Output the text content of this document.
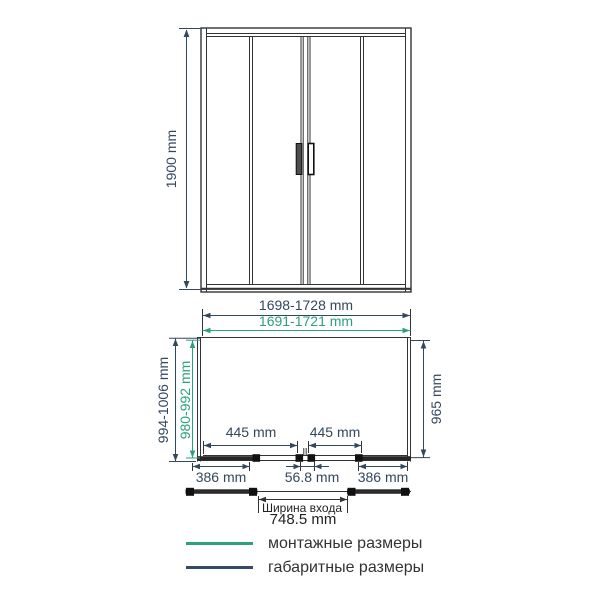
1900 mm
1698-1728 mm
1691-1721 mm
994-1006 mm 980-992 mm	965 mm
445 mm	445 mm
386 mm	56.8 mm	386 mm
Ширина входа
748.5 mm
монтажные размеры
габаритные размеры
